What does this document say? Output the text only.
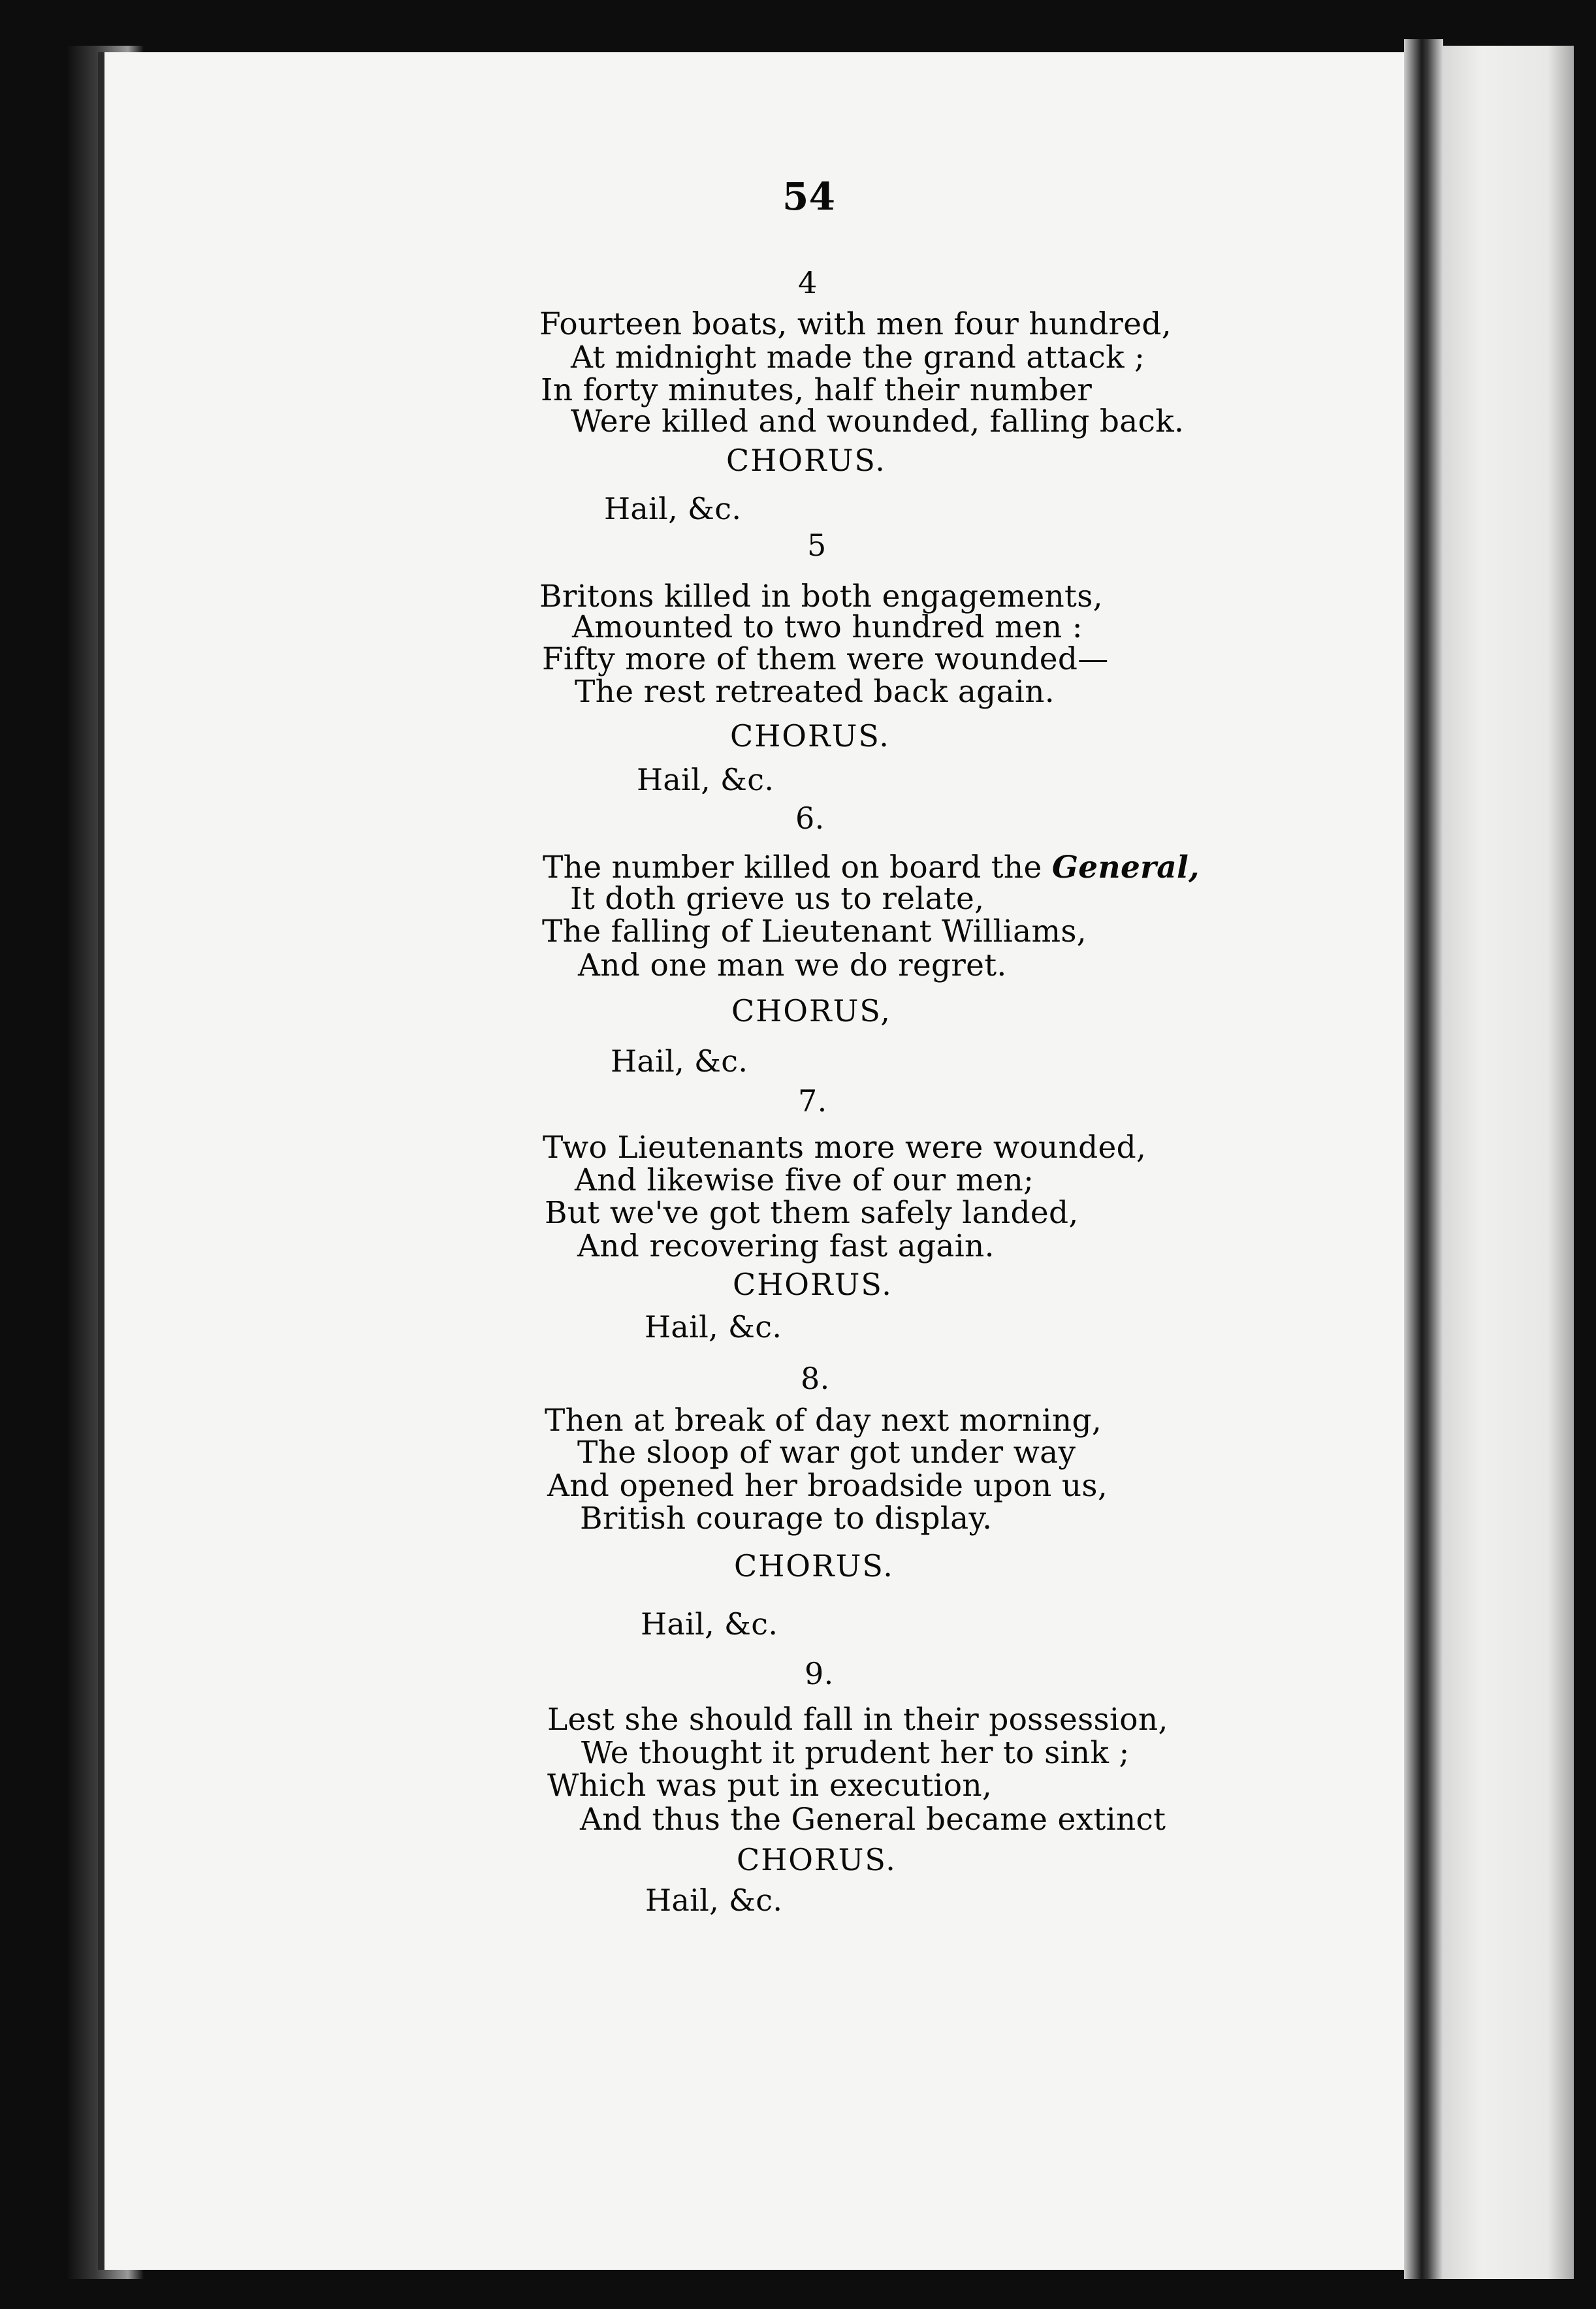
54
4
Fourteen boats, with men four hundred,
At midnight made the grand attack ;
In forty minutes, half their number
Were killed and wounded, falling back.
CHORUS.
Hail, &c.
5
Britons killed in both engagements,
Amounted to two hundred men :
Fifty more of them were wounded—
The rest retreated back again.
CHORUS.
Hail, &c.
6.
The number killed on board the General,
It doth grieve us to relate,
The falling of Lieutenant Williams,
And one man we do regret.
CHORUS,
Hail, &c.
7.
Two Lieutenants more were wounded,
And likewise five of our men;
But we've got them safely landed,
And recovering fast again.
CHORUS.
Hail, &c.
8.
Then at break of day next morning,
The sloop of war got under way
And opened her broadside upon us,
British courage to display.
CHORUS.
Hail, &c.
9.
Lest she should fall in their possession,
We thought it prudent her to sink ;
Which was put in execution,
And thus the General became extinct
CHORUS.
Hail, &c.
